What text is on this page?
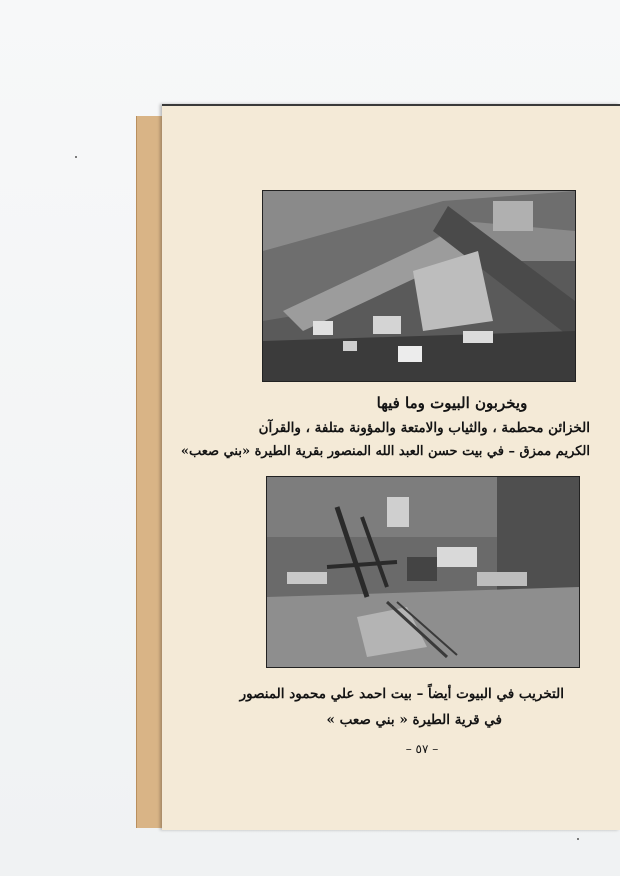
ويخربون البيوت وما فيها
الخزائن محطمة ، والثياب والامتعة والمؤونة متلفة ، والقرآن
الكريم ممزق – في بيت حسن العبد الله المنصور بقرية الطيرة «بني صعب»
التخريب في البيوت أيضاً – بيت احمد علي محمود المنصور
في قرية الطيرة « بني صعب »
– ٥٧ –
